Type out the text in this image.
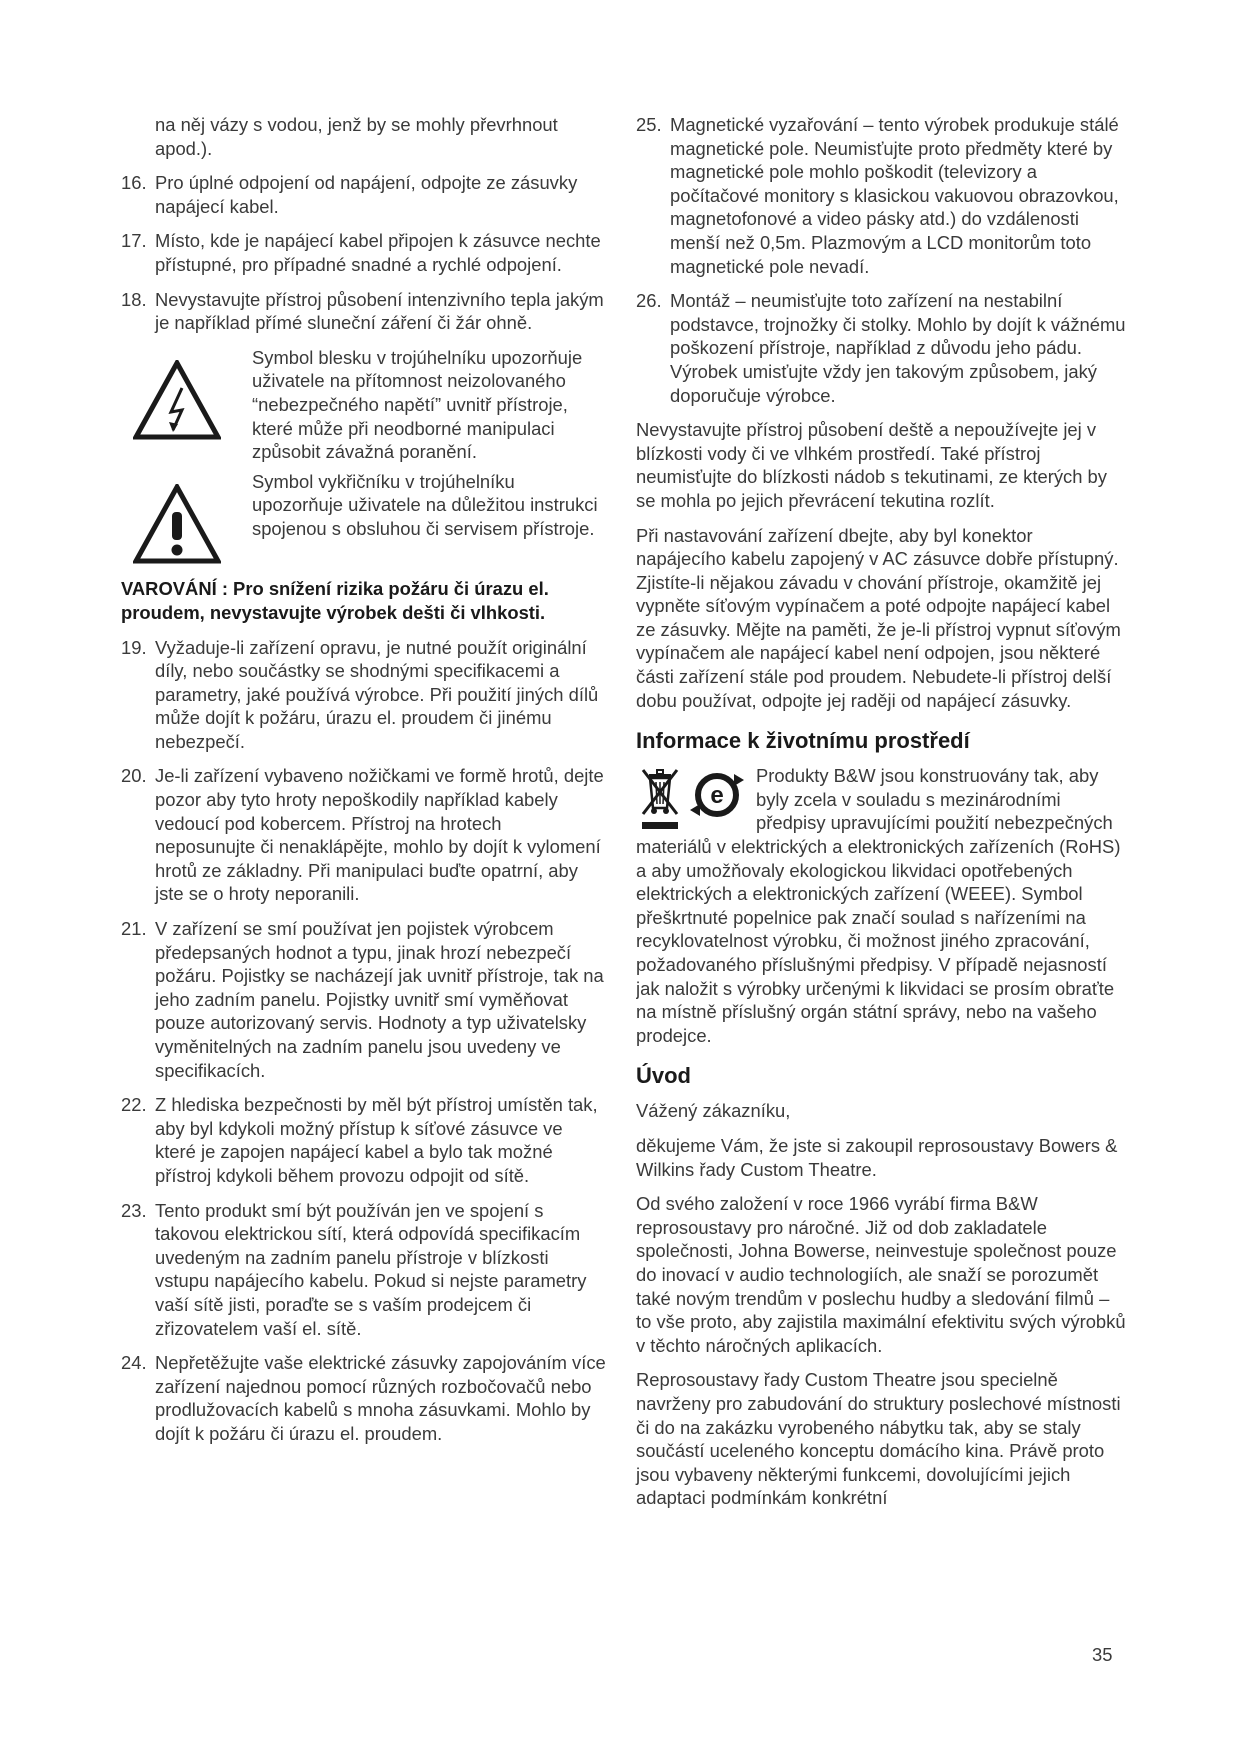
na něj vázy s vodou, jenž by se mohly převrhnout apod.).

16. Pro úplné odpojení od napájení, odpojte ze zásuvky napájecí kabel.
17. Místo, kde je napájecí kabel připojen k zásuvce nechte přístupné, pro případné snadné a rychlé odpojení.
18. Nevystavujte přístroj působení intenzivního tepla jakým je například přímé sluneční záření či žár ohně.
Symbol blesku v trojúhelníku upozorňuje uživatele na přítomnost neizolovaného “nebezpečného napětí” uvnitř přístroje, které může při neodborné manipulaci způsobit závažná poranění.
Symbol vykřičníku v trojúhelníku upozorňuje uživatele na důležitou instrukci spojenou s obsluhou či servisem přístroje.

VAROVÁNÍ : Pro snížení rizika požáru či úrazu el. proudem, nevystavujte výrobek dešti či vlhkosti.

19. Vyžaduje-li zařízení opravu, je nutné použít originální díly, nebo součástky se shodnými specifikacemi a parametry, jaké používá výrobce. Při použití jiných dílů může dojít k požáru, úrazu el. proudem či jinému nebezpečí.
20. Je-li zařízení vybaveno nožičkami ve formě hrotů, dejte pozor aby tyto hroty nepoškodily například kabely vedoucí pod kobercem. Přístroj na hrotech neposunujte či nenaklápějte, mohlo by dojít k vylomení hrotů ze základny. Při manipulaci buďte opatrní, aby jste se o hroty neporanili.
21. V zařízení se smí používat jen pojistek výrobcem předepsaných hodnot a typu, jinak hrozí nebezpečí požáru. Pojistky se nacházejí jak uvnitř přístroje, tak na jeho zadním panelu. Pojistky uvnitř smí vyměňovat pouze autorizovaný servis. Hodnoty a typ uživatelsky vyměnitelných na zadním panelu jsou uvedeny ve specifikacích.
22. Z hlediska bezpečnosti by měl být přístroj umístěn tak, aby byl kdykoli možný přístup k síťové zásuvce ve které je zapojen napájecí kabel a bylo tak možné přístroj kdykoli během provozu odpojit od sítě.
23. Tento produkt smí být používán jen ve spojení s takovou elektrickou sítí, která odpovídá specifikacím uvedeným na zadním panelu přístroje v blízkosti vstupu napájecího kabelu. Pokud si nejste parametry vaší sítě jisti, poraďte se s vaším prodejcem či zřizovatelem vaší el. sítě.
24. Nepřetěžujte vaše elektrické zásuvky zapojováním více zařízení najednou pomocí různých rozbočovačů nebo prodlužovacích kabelů s mnoha zásuvkami. Mohlo by dojít k požáru či úrazu el. proudem.
25. Magnetické vyzařování – tento výrobek produkuje stálé magnetické pole. Neumisťujte proto předměty které by magnetické pole mohlo poškodit (televizory a počítačové monitory s klasickou vakuovou obrazovkou, magnetofonové a video pásky atd.) do vzdálenosti menší než 0,5m. Plazmovým a LCD monitorům toto magnetické pole nevadí.
26. Montáž – neumisťujte toto zařízení na nestabilní podstavce, trojnožky či stolky. Mohlo by dojít k vážnému poškození přístroje, například z důvodu jeho pádu. Výrobek umisťujte vždy jen takovým způsobem, jaký doporučuje výrobce.

Nevystavujte přístroj působení deště a nepoužívejte jej v blízkosti vody či ve vlhkém prostředí. Také přístroj neumisťujte do blízkosti nádob s tekutinami, ze kterých by se mohla po jejich převrácení tekutina rozlít.

Při nastavování zařízení dbejte, aby byl konektor napájecího kabelu zapojený v AC zásuvce dobře přístupný. Zjistíte-li nějakou závadu v chování přístroje, okamžitě jej vypněte síťovým vypínačem a poté odpojte napájecí kabel ze zásuvky. Mějte na paměti, že je-li přístroj vypnut síťovým vypínačem ale napájecí kabel není odpojen, jsou některé části zařízení stále pod proudem. Nebudete-li přístroj delší dobu používat, odpojte jej raději od napájecí zásuvky.

Informace k životnímu prostředí
e
Produkty B&W jsou konstruovány tak, aby byly zcela v souladu s mezinárodními předpisy upravujícími použití nebezpečných materiálů v elektrických a elektronických zařízeních (RoHS) a aby umožňovaly ekologickou likvidaci opotřebených elektrických a elektronických zařízení (WEEE). Symbol přeškrtnuté popelnice pak značí soulad s nařízeními na recyklovatelnost výrobku, či možnost jiného zpracování, požadovaného příslušnými předpisy. V případě nejasností jak naložit s výrobky určenými k likvidaci se prosím obraťte na místně příslušný orgán státní správy, nebo na vašeho prodejce.
Úvod

Vážený zákazníku,

děkujeme Vám, že jste si zakoupil reprosoustavy Bowers & Wilkins řady Custom Theatre.

Od svého založení v roce 1966 vyrábí firma B&W reprosoustavy pro náročné. Již od dob zakladatele společnosti, Johna Bowerse, neinvestuje společnost pouze do inovací v audio technologiích, ale snaží se porozumět také novým trendům v poslechu hudby a sledování filmů – to vše proto, aby zajistila maximální efektivitu svých výrobků v těchto náročných aplikacích.

Reprosoustavy řady Custom Theatre jsou specielně navrženy pro zabudování do struktury poslechové místnosti či do na zakázku vyrobeného nábytku tak, aby se staly součástí uceleného konceptu domácího kina. Právě proto jsou vybaveny některými funkcemi, dovolujícími jejich adaptaci podmínkám konkrétní

35
